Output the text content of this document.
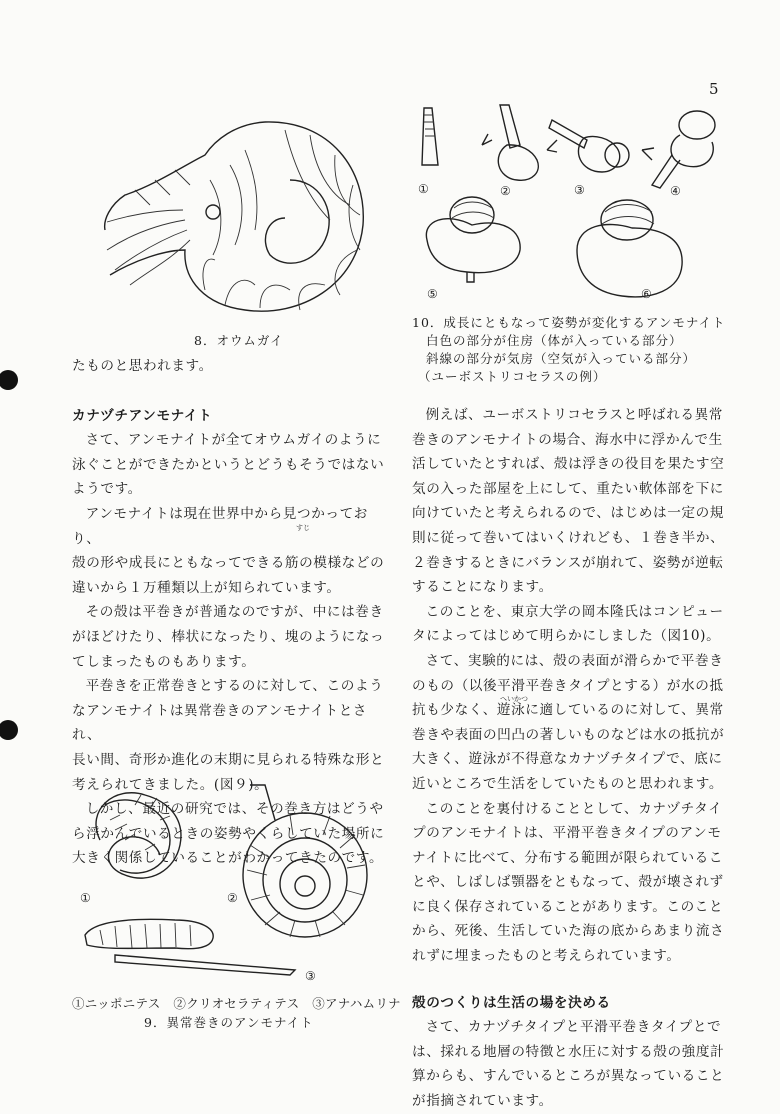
5
8．オウムガイ
①	②	③	④
⑤	⑥
10．成長にともなって姿勢が変化するアンモナイト
白色の部分が住房（体が入っている部分）
斜線の部分が気房（空気が入っている部分）
（ユーボストリコセラスの例）

たものと思われます。

カナヅチアンモナイト

さて、アンモナイトが全てオウムガイのように

泳ぐことができたかというとどうもそうではない

ようです。

すじ

アンモナイトは現在世界中から見つかっており、

殻の形や成長にともなってできる筋の模様などの

違いから１万種類以上が知られています。

その殻は平巻きが普通なのですが、中には巻き

がほどけたり、棒状になったり、塊のようになっ

てしまったものもあります。

平巻きを正常巻きとするのに対して、このよう

なアンモナイトは異常巻きのアンモナイトとされ、

長い間、奇形か進化の末期に見られる特殊な形と

考えられてきました。(図９)。

しかし、最近の研究では、その巻き方はどうや

ら浮かんでいるときの姿勢やくらしていた場所に

大きく関係していることがわかってきたのです。

①	②
③
①ニッポニテス　②クリオセラティテス　③アナハムリナ
9．異常巻きのアンモナイト

例えば、ユーボストリコセラスと呼ばれる異常

巻きのアンモナイトの場合、海水中に浮かんで生

活していたとすれば、殻は浮きの役目を果たす空

気の入った部屋を上にして、重たい軟体部を下に

向けていたと考えられるので、はじめは一定の規

則に従って巻いてはいくけれども、１巻き半か、

２巻きするときにバランスが崩れて、姿勢が逆転

することになります。

このことを、東京大学の岡本隆氏はコンピュー

タによってはじめて明らかにしました（図10)。

へいかつ

さて、実験的には、殻の表面が滑らかで平巻き

のもの（以後平滑平巻きタイプとする）が水の抵

抗も少なく、遊泳に適しているのに対して、異常

巻きや表面の凹凸の著しいものなどは水の抵抗が

大きく、遊泳が不得意なカナヅチタイプで、底に

近いところで生活をしていたものと思われます。

このことを裏付けることとして、カナヅチタイ

プのアンモナイトは、平滑平巻きタイプのアンモ

ナイトに比べて、分布する範囲が限られているこ

とや、しばしば顎器をともなって、殻が壊されず

に良く保存されていることがあります。このこと

から、死後、生活していた海の底からあまり流さ

れずに埋まったものと考えられています。

殻のつくりは生活の場を決める

さて、カナヅチタイプと平滑平巻きタイプとで

は、採れる地層の特徴と水圧に対する殻の強度計

算からも、すんでいるところが異なっていること

が指摘されています。
